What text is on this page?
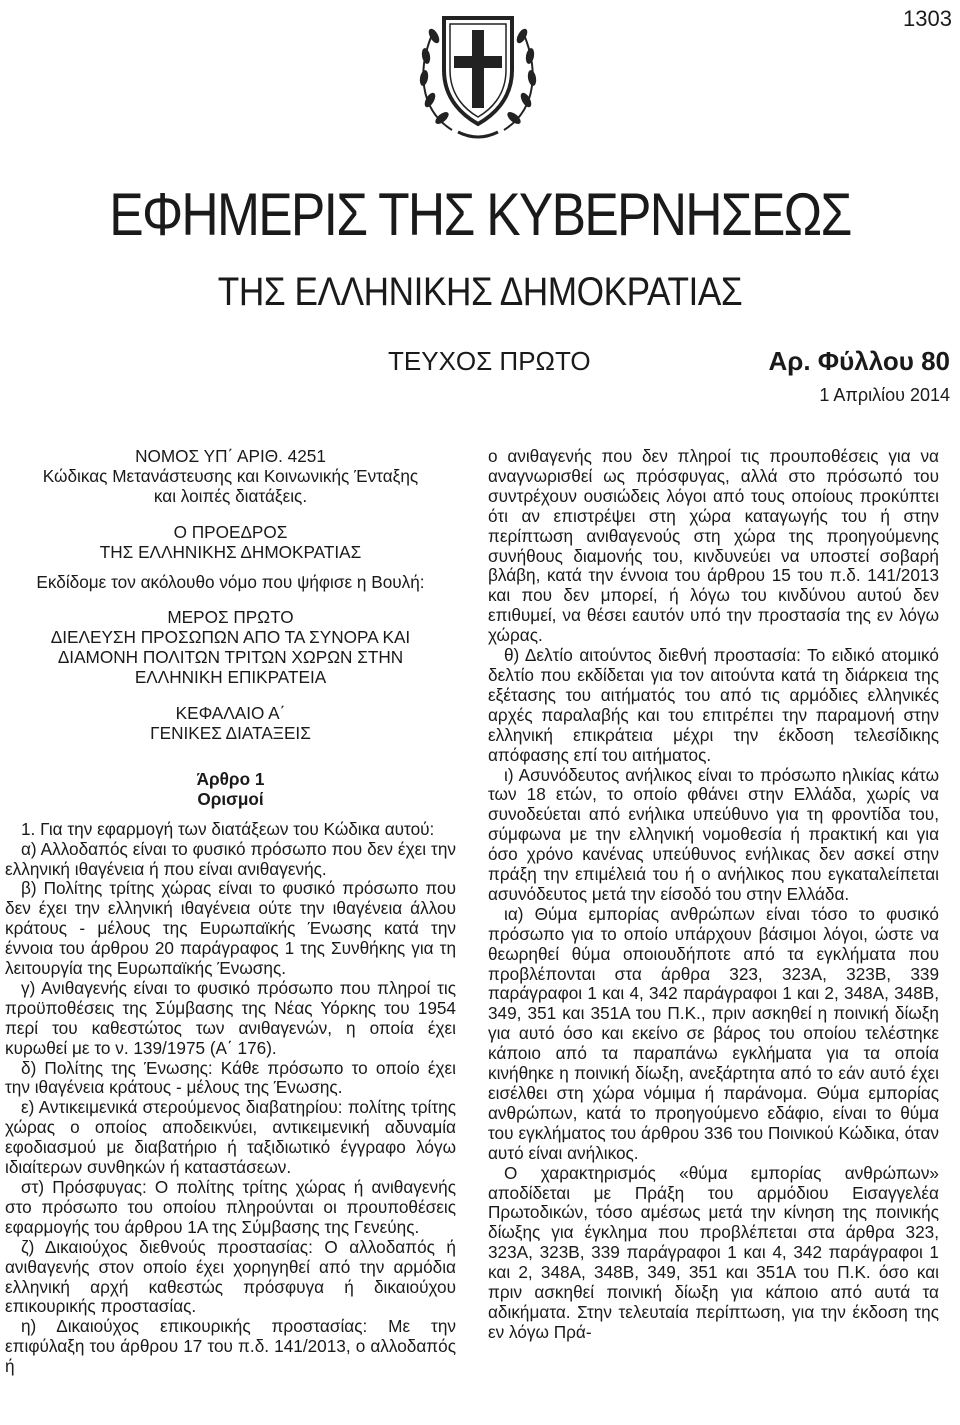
1303
ΕΦΗΜΕΡΙΣ ΤΗΣ ΚΥΒΕΡΝΗΣΕΩΣ
ΤΗΣ ΕΛΛΗΝΙΚΗΣ ΔΗΜΟΚΡΑΤΙΑΣ
ΤΕΥΧΟΣ ΠΡΩΤΟ	Αρ. Φύλλου 80
1 Απριλίου 2014

ΝΟΜΟΣ ΥΠ΄ ΑΡΙΘ. 4251

Κώδικας Μετανάστευσης και Κοινωνικής Ένταξης

και λοιπές διατάξεις.

Ο ΠΡΟΕΔΡΟΣ

ΤΗΣ ΕΛΛΗΝΙΚΗΣ ΔΗΜΟΚΡΑΤΙΑΣ

Εκδίδομε τον ακόλουθο νόμο που ψήφισε η Βουλή:

ΜΕΡΟΣ ΠΡΩΤΟ

ΔΙΕΛΕΥΣΗ ΠΡΟΣΩΠΩΝ ΑΠΟ ΤΑ ΣΥΝΟΡΑ ΚΑΙ

ΔΙΑΜΟΝΗ ΠΟΛΙΤΩΝ ΤΡΙΤΩΝ ΧΩΡΩΝ ΣΤΗΝ

ΕΛΛΗΝΙΚΗ ΕΠΙΚΡΑΤΕΙΑ

ΚΕΦΑΛΑΙΟ Α΄

ΓΕΝΙΚΕΣ ΔΙΑΤΑΞΕΙΣ

Άρθρο 1

Ορισμοί

1. Για την εφαρμογή των διατάξεων του Κώδικα αυτού:

α) Αλλοδαπός είναι το φυσικό πρόσωπο που δεν έχει την ελληνική ιθαγένεια ή που είναι ανιθαγενής.

β) Πολίτης τρίτης χώρας είναι το φυσικό πρόσωπο που δεν έχει την ελληνική ιθαγένεια ούτε την ιθαγένεια άλλου κράτους - μέλους της Ευρωπαϊκής Ένωσης κατά την έννοια του άρθρου 20 παράγραφος 1 της Συνθήκης για τη λειτουργία της Ευρωπαϊκής Ένωσης.

γ) Ανιθαγενής είναι το φυσικό πρόσωπο που πληροί τις προϋποθέσεις της Σύμβασης της Νέας Υόρκης του 1954 περί του καθεστώτος των ανιθαγενών, η οποία έχει κυρωθεί με το ν. 139/1975 (Α΄ 176).

δ) Πολίτης της Ένωσης: Κάθε πρόσωπο το οποίο έχει την ιθαγένεια κράτους - μέλους της Ένωσης.

ε) Αντικειμενικά στερούμενος διαβατηρίου: πολίτης τρίτης χώρας ο οποίος αποδεικνύει, αντικειμενική αδυναμία εφοδιασμού με διαβατήριο ή ταξιδιωτικό έγγραφο λόγω ιδιαίτερων συνθηκών ή καταστάσεων.

στ) Πρόσφυγας: Ο πολίτης τρίτης χώρας ή ανιθαγενής στο πρόσωπο του οποίου πληρούνται οι προυποθέσεις εφαρμογής του άρθρου 1Α της Σύμβασης της Γενεύης.

ζ) Δικαιούχος διεθνούς προστασίας: Ο αλλοδαπός ή ανιθαγενής στον οποίο έχει χορηγηθεί από την αρμόδια ελληνική αρχή καθεστώς πρόσφυγα ή δικαιούχου επικουρικής προστασίας.

η) Δικαιούχος επικουρικής προστασίας: Με την επιφύλαξη του άρθρου 17 του π.δ. 141/2013, ο αλλοδαπός ή

ο ανιθαγενής που δεν πληροί τις προυποθέσεις για να αναγνωρισθεί ως πρόσφυγας, αλλά στο πρόσωπό του συντρέχουν ουσιώδεις λόγοι από τους οποίους προκύπτει ότι αν επιστρέψει στη χώρα καταγωγής του ή στην περίπτωση ανιθαγενούς στη χώρα της προηγούμενης συνήθους διαμονής του, κινδυνεύει να υποστεί σοβαρή βλάβη, κατά την έννοια του άρθρου 15 του π.δ. 141/2013 και που δεν μπορεί, ή λόγω του κινδύνου αυτού δεν επιθυμεί, να θέσει εαυτόν υπό την προστασία της εν λόγω χώρας.

θ) Δελτίο αιτούντος διεθνή προστασία: Το ειδικό ατομικό δελτίο που εκδίδεται για τον αιτούντα κατά τη διάρκεια της εξέτασης του αιτήματός του από τις αρμόδιες ελληνικές αρχές παραλαβής και του επιτρέπει την παραμονή στην ελληνική επικράτεια μέχρι την έκδοση τελεσίδικης απόφασης επί του αιτήματος.

ι) Ασυνόδευτος ανήλικος είναι το πρόσωπο ηλικίας κάτω των 18 ετών, το οποίο φθάνει στην Ελλάδα, χωρίς να συνοδεύεται από ενήλικα υπεύθυνο για τη φροντίδα του, σύμφωνα με την ελληνική νομοθεσία ή πρακτική και για όσο χρόνο κανένας υπεύθυνος ενήλικας δεν ασκεί στην πράξη την επιμέλειά του ή ο ανήλικος που εγκαταλείπεται ασυνόδευτος μετά την είσοδό του στην Ελλάδα.

ια) Θύμα εμπορίας ανθρώπων είναι τόσο το φυσικό πρόσωπο για το οποίο υπάρχουν βάσιμοι λόγοι, ώστε να θεωρηθεί θύμα οποιουδήποτε από τα εγκλήματα που προβλέπονται στα άρθρα 323, 323Α, 323Β, 339 παράγραφοι 1 και 4, 342 παράγραφοι 1 και 2, 348Α, 348Β, 349, 351 και 351Α του Π.Κ., πριν ασκηθεί η ποινική δίωξη για αυτό όσο και εκείνο σε βάρος του οποίου τελέστηκε κάποιο από τα παραπάνω εγκλήματα για τα οποία κινήθηκε η ποινική δίωξη, ανεξάρτητα από το εάν αυτό έχει εισέλθει στη χώρα νόμιμα ή παράνομα. Θύμα εμπορίας ανθρώπων, κατά το προηγούμενο εδάφιο, είναι το θύμα του εγκλήματος του άρθρου 336 του Ποινικού Κώδικα, όταν αυτό είναι ανήλικος.

Ο χαρακτηρισμός «θύμα εμπορίας ανθρώπων» αποδίδεται με Πράξη του αρμόδιου Εισαγγελέα Πρωτοδικών, τόσο αμέσως μετά την κίνηση της ποινικής δίωξης για έγκλημα που προβλέπεται στα άρθρα 323, 323Α, 323Β, 339 παράγραφοι 1 και 4, 342 παράγραφοι 1 και 2, 348Α, 348Β, 349, 351 και 351Α του Π.Κ. όσο και πριν ασκηθεί ποινική δίωξη για κάποιο από αυτά τα αδικήματα. Στην τελευταία περίπτωση, για την έκδοση της εν λόγω Πρά-
